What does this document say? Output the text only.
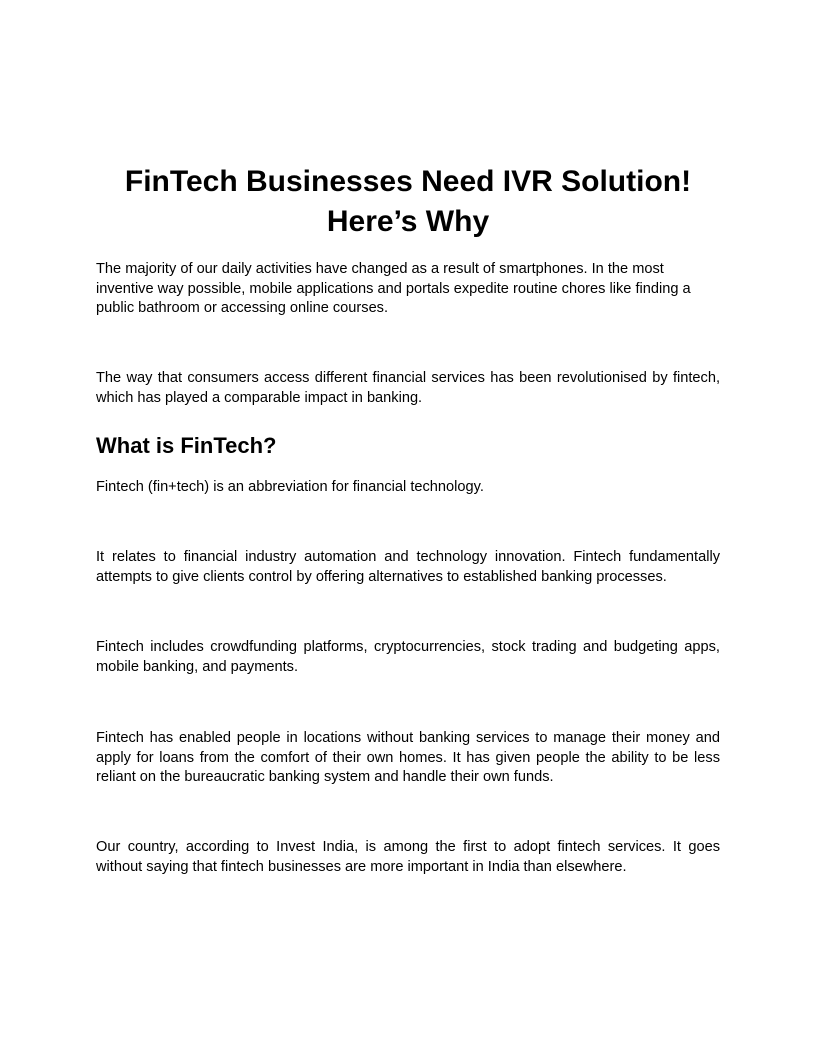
FinTech Businesses Need IVR Solution!
Here’s Why

The majority of our daily activities have changed as a result of smartphones. In the most inventive way possible, mobile applications and portals expedite routine chores like finding a public bathroom or accessing online courses.

The way that consumers access different financial services has been revolutionised by fintech, which has played a comparable impact in banking.

What is FinTech?

Fintech (fin+tech) is an abbreviation for financial technology.

It relates to financial industry automation and technology innovation. Fintech fundamentally attempts to give clients control by offering alternatives to established banking processes.

Fintech includes crowdfunding platforms, cryptocurrencies, stock trading and budgeting apps, mobile banking, and payments.

Fintech has enabled people in locations without banking services to manage their money and apply for loans from the comfort of their own homes. It has given people the ability to be less reliant on the bureaucratic banking system and handle their own funds.

Our country, according to Invest India, is among the first to adopt fintech services. It goes without saying that fintech businesses are more important in India than elsewhere.
